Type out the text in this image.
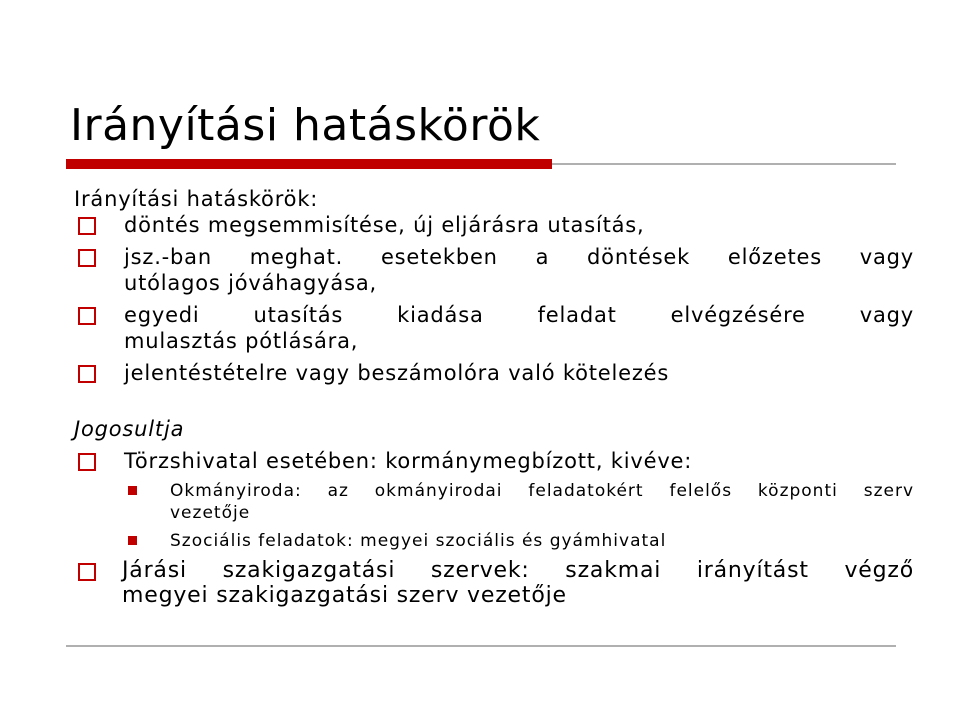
Irányítási hatáskörök
Irányítási hatáskörök:
döntés megsemmisítése, új eljárásra utasítás,
jsz.-ban meghat. esetekben a döntések előzetes vagy
utólagos jóváhagyása,
egyedi utasítás kiadása feladat elvégzésére vagy
mulasztás pótlására,
jelentéstételre vagy beszámolóra való kötelezés
Jogosultja
Törzshivatal esetében: kormánymegbízott, kivéve:
Okmányiroda: az okmányirodai feladatokért felelős központi szerv
vezetője
Szociális feladatok: megyei szociális és gyámhivatal
Járási szakigazgatási szervek: szakmai irányítást végző
megyei szakigazgatási szerv vezetője
